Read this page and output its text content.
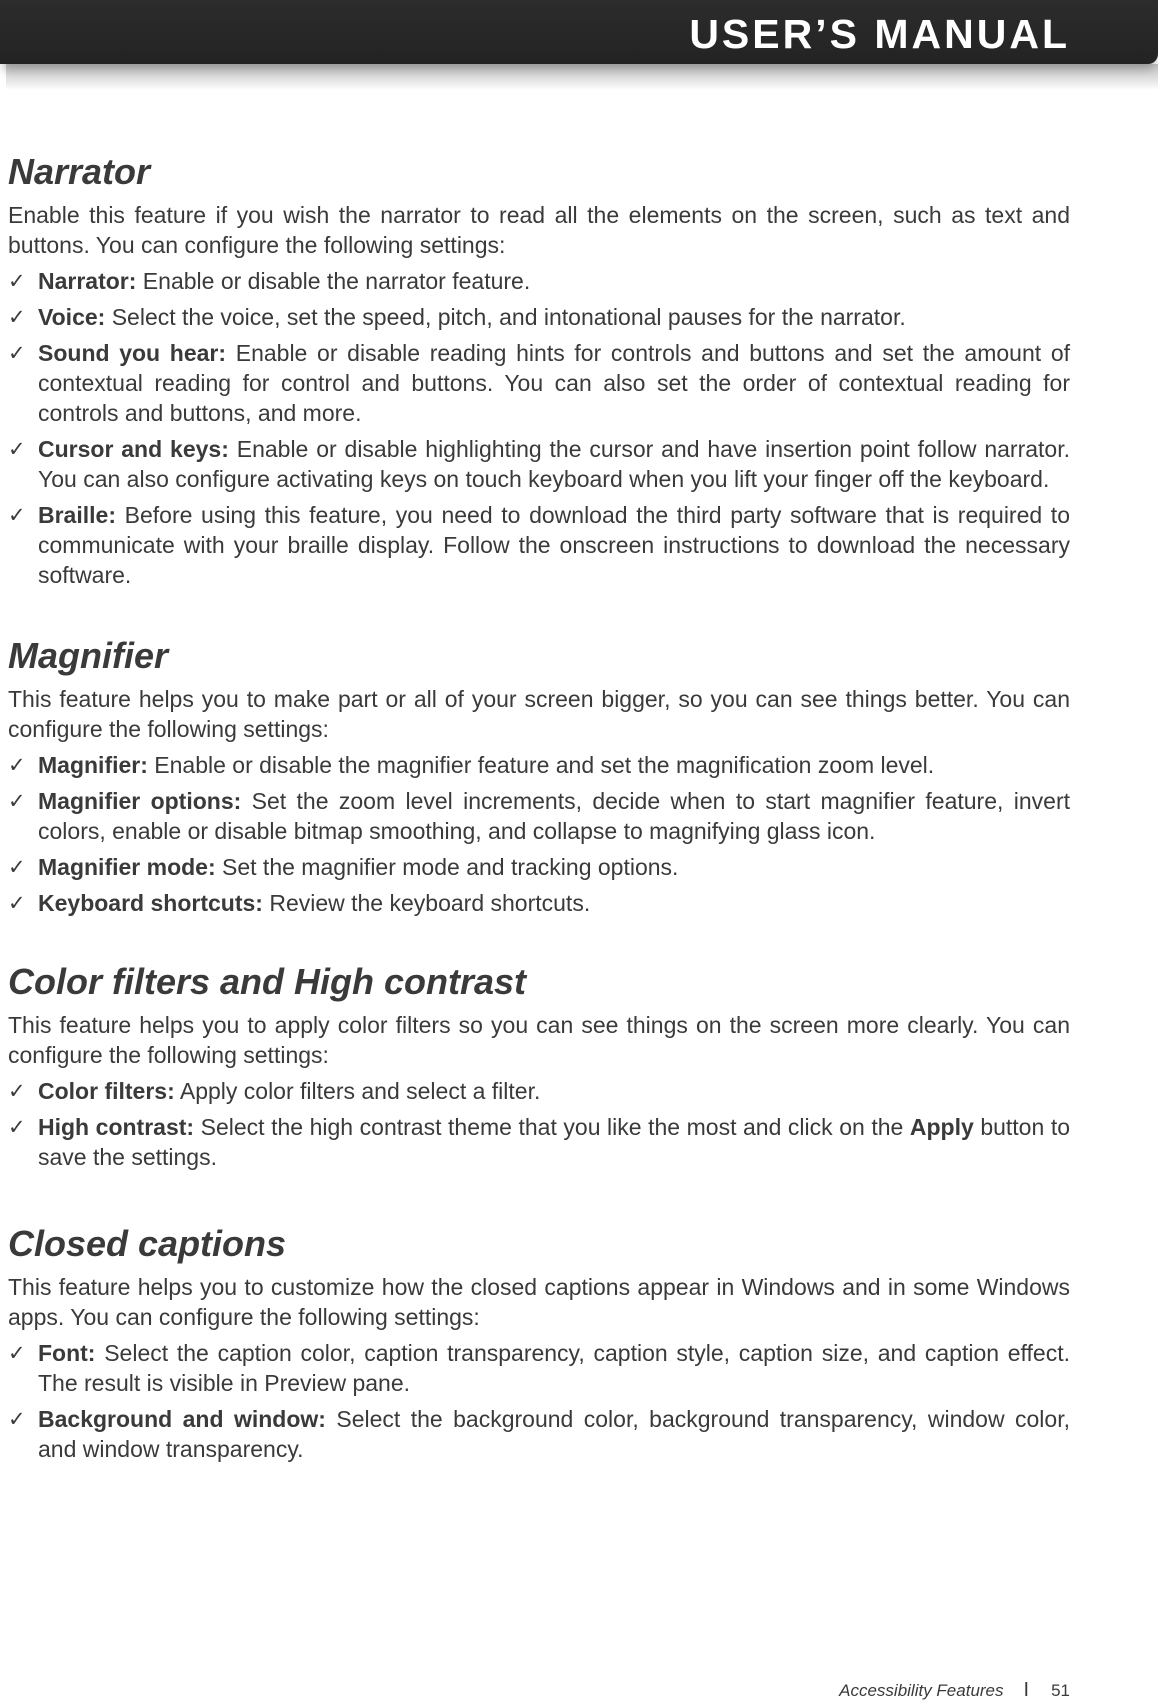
USER’S MANUAL
Narrator

Enable this feature if you wish the narrator to read all the elements on the screen, such as text and buttons. You can configure the following settings:

✓ Narrator: Enable or disable the narrator feature.
✓ Voice: Select the voice, set the speed, pitch, and intonational pauses for the narrator.
✓ Sound you hear: Enable or disable reading hints for controls and buttons and set the amount of contextual reading for control and buttons. You can also set the order of contextual reading for controls and buttons, and more.
✓ Cursor and keys: Enable or disable highlighting the cursor and have insertion point follow narrator. You can also configure activating keys on touch keyboard when you lift your finger off the keyboard.
✓ Braille: Before using this feature, you need to download the third party software that is required to communicate with your braille display. Follow the onscreen instructions to download the necessary software.
Magnifier

This feature helps you to make part or all of your screen bigger, so you can see things better. You can configure the following settings:

✓ Magnifier: Enable or disable the magnifier feature and set the magnification zoom level.
✓ Magnifier options: Set the zoom level increments, decide when to start magnifier feature, invert colors, enable or disable bitmap smoothing, and collapse to magnifying glass icon.
✓ Magnifier mode: Set the magnifier mode and tracking options.
✓ Keyboard shortcuts: Review the keyboard shortcuts.
Color filters and High contrast

This feature helps you to apply color filters so you can see things on the screen more clearly. You can configure the following settings:

✓ Color filters: Apply color filters and select a filter.
✓ High contrast: Select the high contrast theme that you like the most and click on the Apply button to save the settings.
Closed captions

This feature helps you to customize how the closed captions appear in Windows and in some Windows apps. You can configure the following settings:

✓ Font: Select the caption color, caption transparency, caption style, caption size, and caption effect. The result is visible in Preview pane.
✓ Background and window: Select the background color, background transparency, window color, and window transparency.
Accessibility Features I 51
